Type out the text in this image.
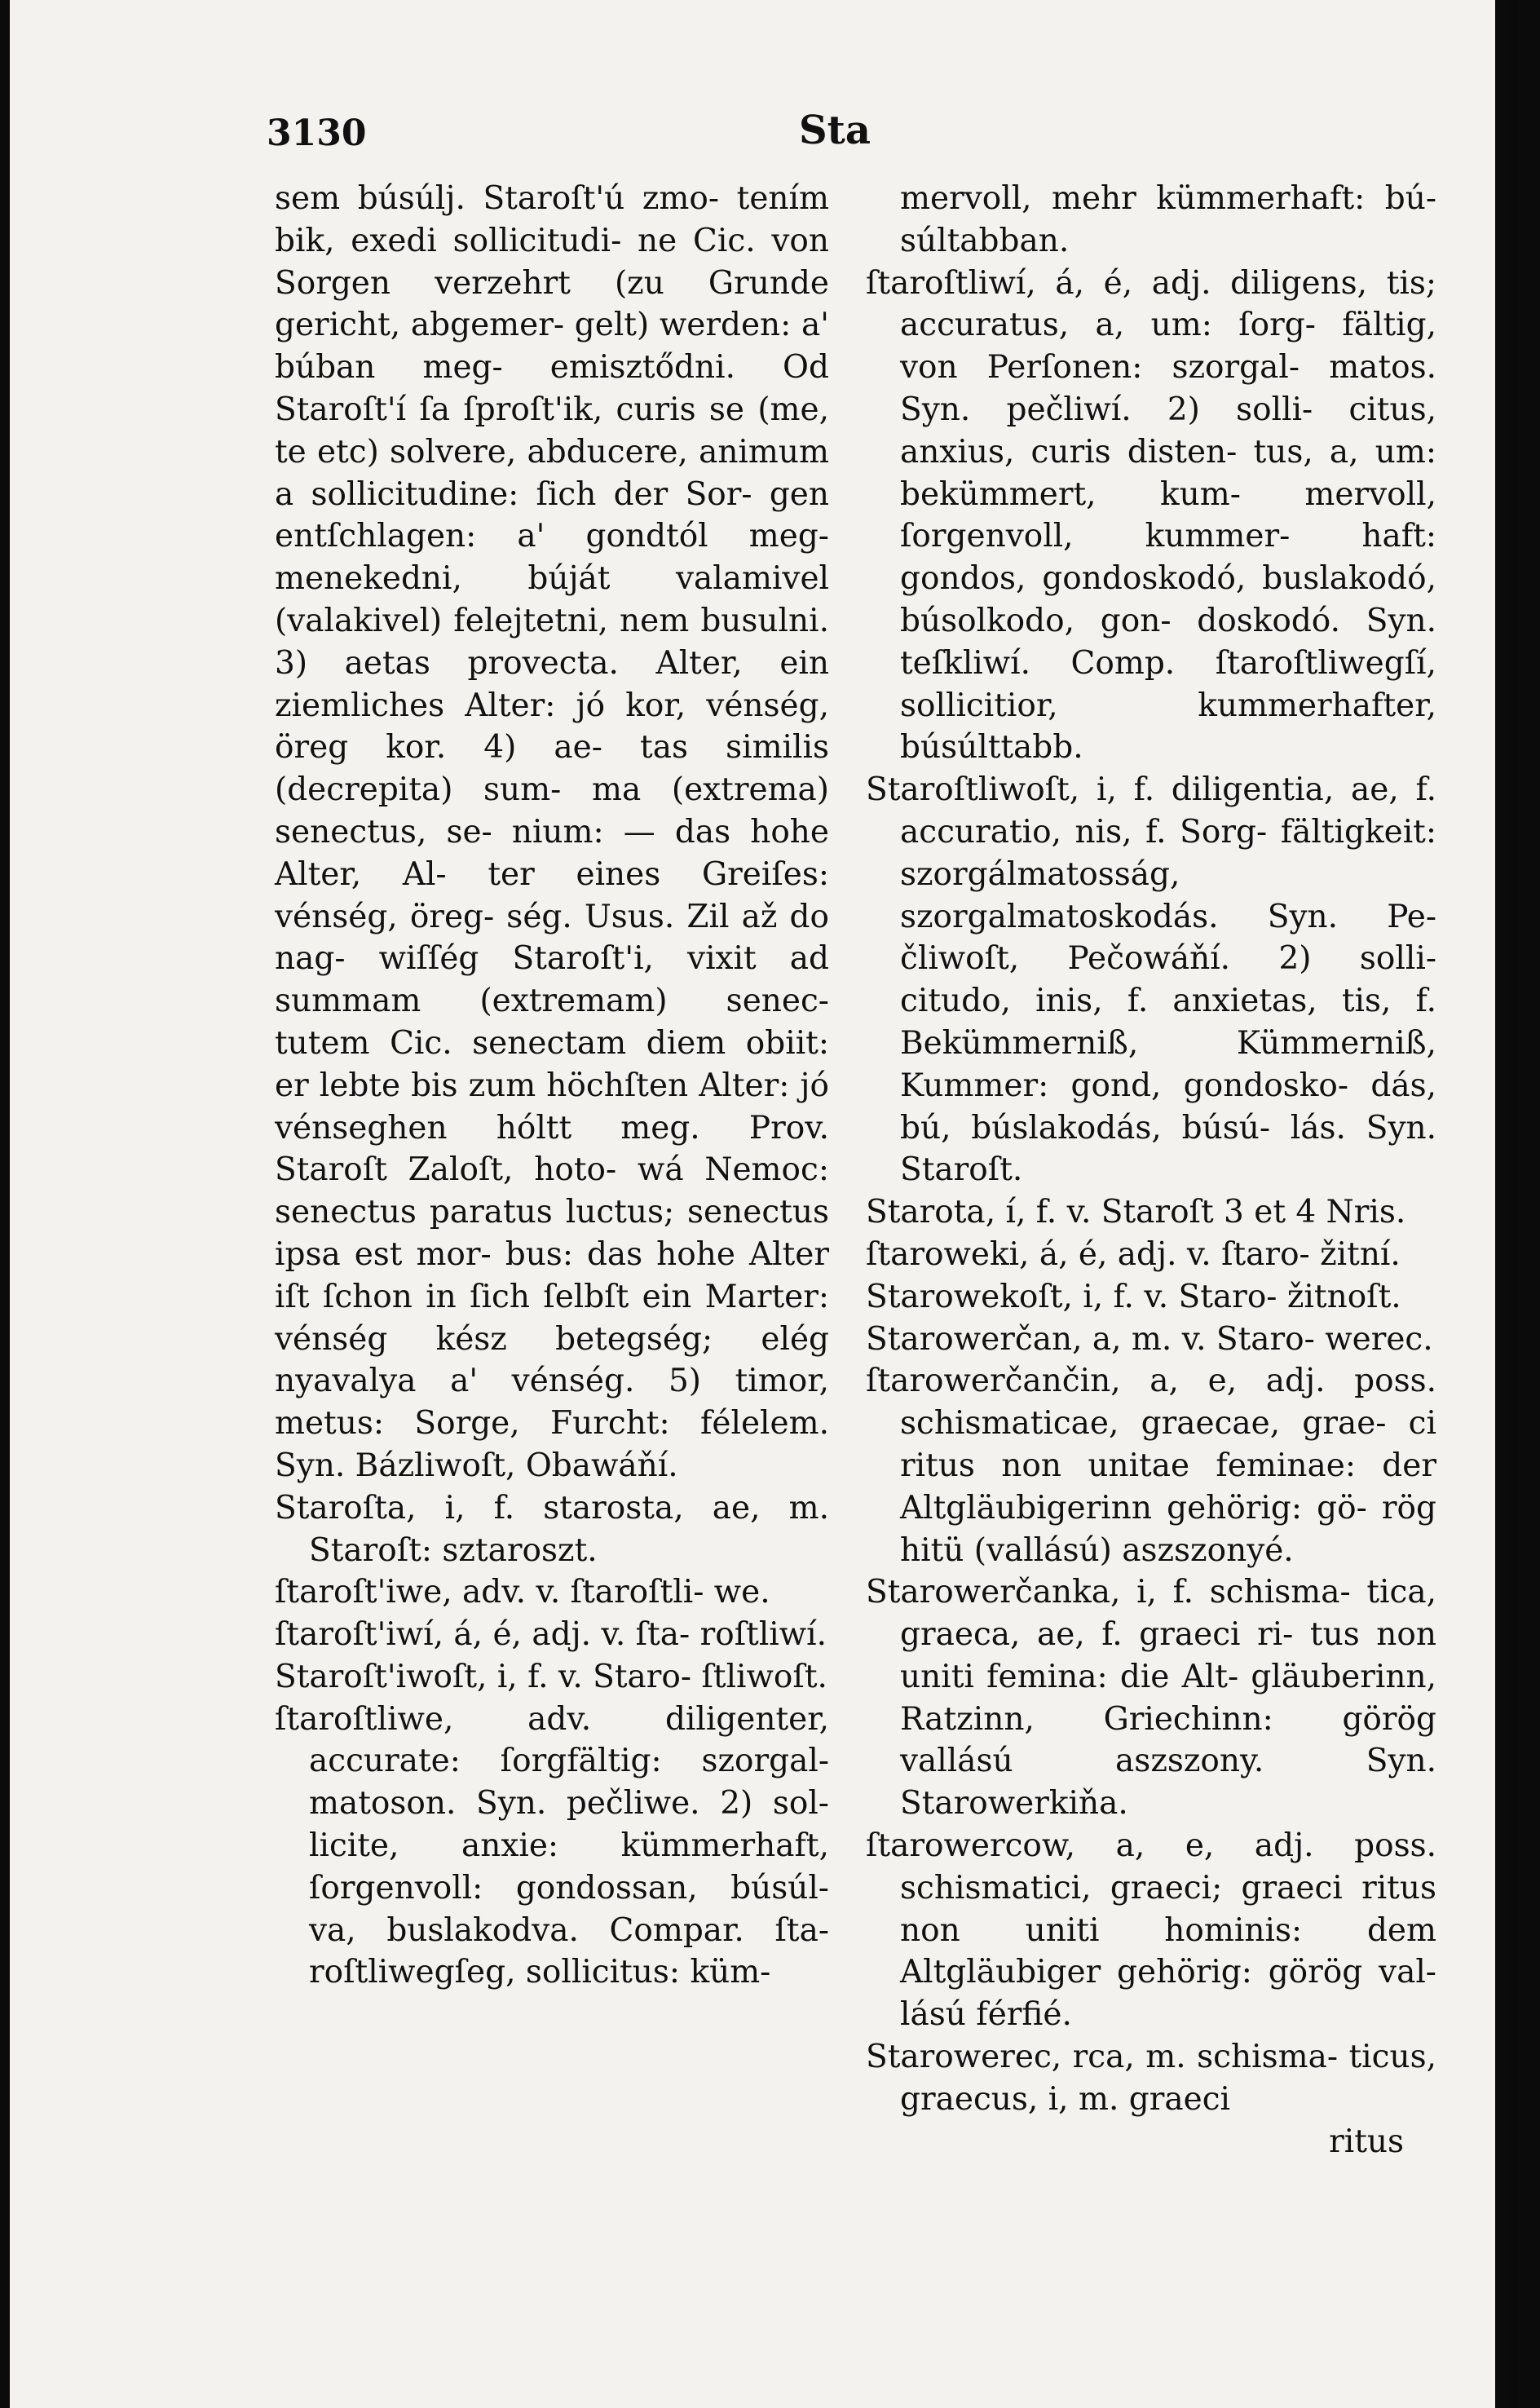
3130	Sta
sem búsúlj. Staroſt'ú zmo- tením bik, exedi sollicitudi- ne Cic. von Sorgen verzehrt (zu Grunde gericht, abgemer- gelt) werden: a' búban meg- emisztődni. Od Staroſt'í ſa ſproſt'ik, curis se (me, te etc) solvere, abducere, animum a sollicitudine: ſich der Sor- gen entſchlagen: a' gondtól meg- menekedni, búját valamivel (valakivel) felejtetni, nem busulni. 3) aetas provecta. Alter, ein ziemliches Alter: jó kor, vénség, öreg kor. 4) ae- tas similis (decrepita) sum- ma (extrema) senectus, se- nium: — das hohe Alter, Al- ter eines Greiſes: vénség, öreg- ség. Usus. Zil až do nag- wiſſég Staroſt'i, vixit ad summam (extremam) senec- tutem Cic. senectam diem obiit: er lebte bis zum höchſten Alter: jó vénseghen hóltt meg. Prov. Staroſt Zaloſt, hoto- wá Nemoc: senectus paratus luctus; senectus ipsa est mor- bus: das hohe Alter iſt ſchon in ſich ſelbſt ein Marter: vénség kész betegség; elég nyavalya a' vénség. 5) timor, metus: Sorge, Furcht: félelem. Syn. Bázliwoſt, Obawáňí.
Staroſta, i, f. starosta, ae, m. Staroſt: sztaroszt.
ſtaroſt'iwe, adv. v. ſtaroſtli- we.
ſtaroſt'iwí, á, é, adj. v. ſta- roſtliwí.
Staroſt'iwoſt, i, f. v. Staro- ſtliwoſt.
ſtaroſtliwe, adv. diligenter, accurate: ſorgfältig: szorgal- matoson. Syn. pečliwe. 2) sol- licite, anxie: kümmerhaft, ſorgenvoll: gondossan, búsúl- va, buslakodva. Compar. ſta- roſtliwegſeg, sollicitus: küm-
mervoll, mehr kümmerhaft: bú- súltabban.
ſtaroſtliwí, á, é, adj. diligens, tis; accuratus, a, um: ſorg- fältig, von Perſonen: szorgal- matos. Syn. pečliwí. 2) solli- citus, anxius, curis disten- tus, a, um: bekümmert, kum- mervoll, ſorgenvoll, kummer- haft: gondos, gondoskodó, buslakodó, búsolkodo, gon- doskodó. Syn. teſkliwí. Comp. ſtaroſtliwegſí, sollicitior, kummerhafter, búsúlttabb.
Staroſtliwoſt, i, f. diligentia, ae, f. accuratio, nis, f. Sorg- fältigkeit: szorgálmatosság, szorgalmatoskodás. Syn. Pe- čliwoſt, Pečowáňí. 2) solli- citudo, inis, f. anxietas, tis, f. Bekümmerniß, Kümmerniß, Kummer: gond, gondosko- dás, bú, búslakodás, búsú- lás. Syn. Staroſt.
Starota, í, f. v. Staroſt 3 et 4 Nris.
ſtaroweki, á, é, adj. v. ſtaro- žitní.
Starowekoſt, i, f. v. Staro- žitnoſt.
Starowerčan, a, m. v. Staro- werec.
ſtarowerčančin, a, e, adj. poss. schismaticae, graecae, grae- ci ritus non unitae feminae: der Altgläubigerinn gehörig: gö- rög hitü (vallású) aszszonyé.
Starowerčanka, i, f. schisma- tica, graeca, ae, f. graeci ri- tus non uniti femina: die Alt- gläuberinn, Ratzinn, Griechinn: görög vallású aszszony. Syn. Starowerkiňa.
ſtarowercow, a, e, adj. poss. schismatici, graeci; graeci ritus non uniti hominis: dem Altgläubiger gehörig: görög val- lású férfié.
Starowerec, rca, m. schisma- ticus, graecus, i, m. graeci
ritus
